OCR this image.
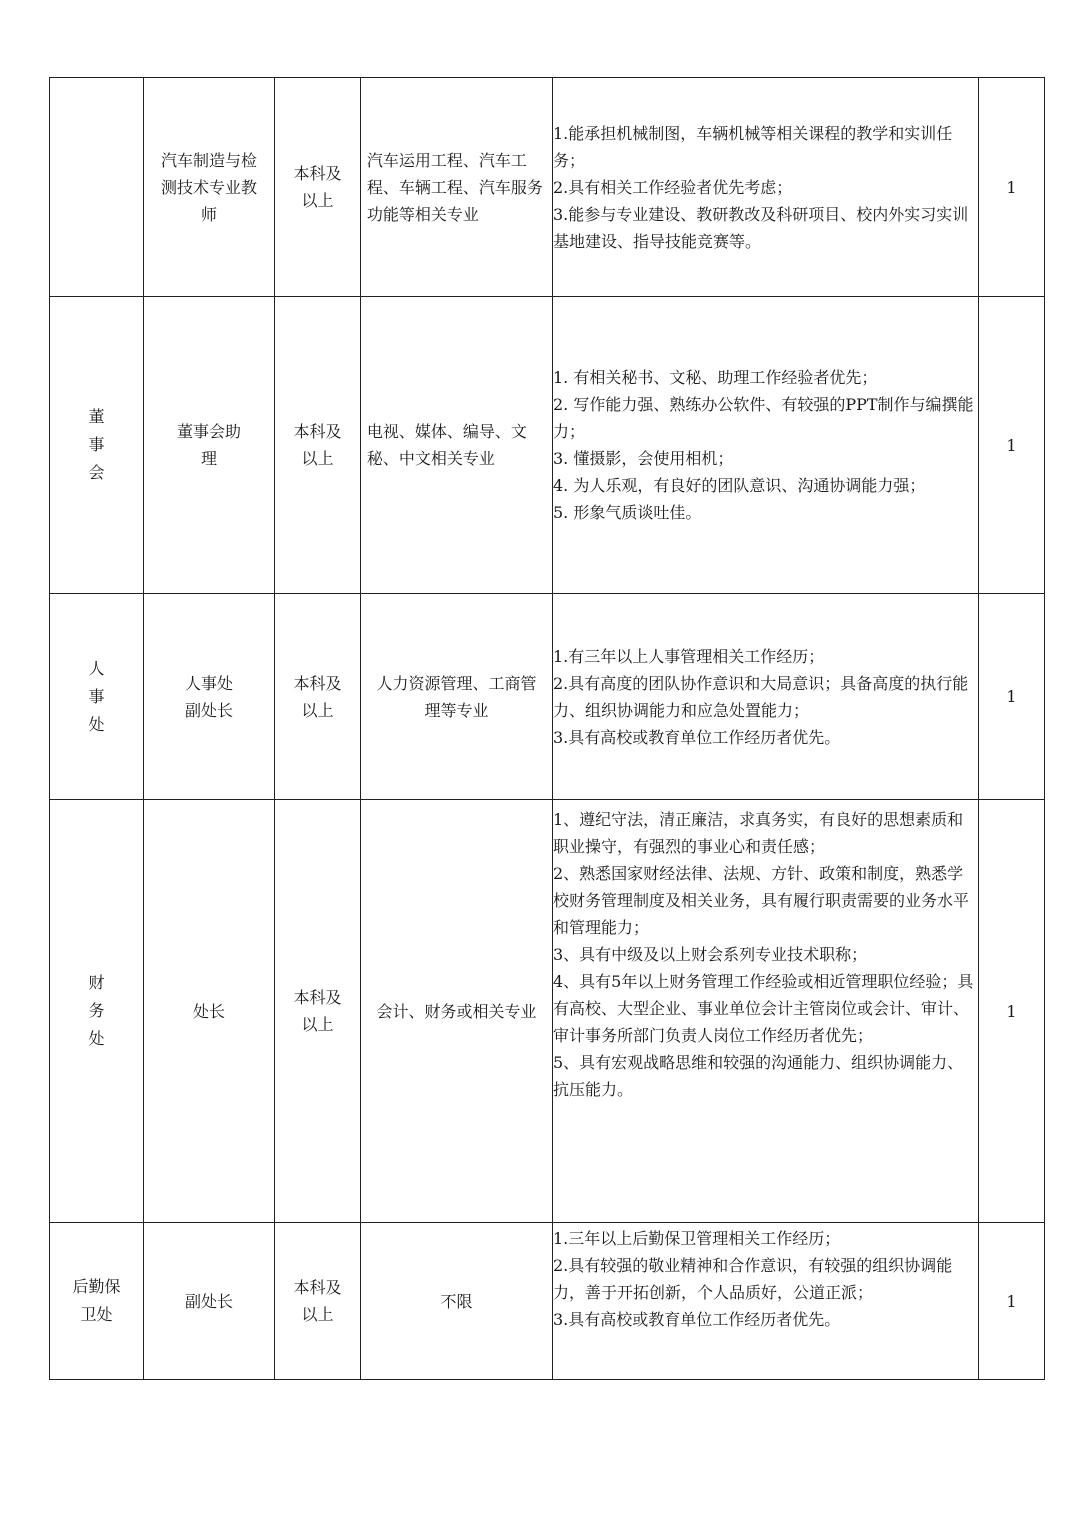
	汽车制造与检测技术专业教师	本科及以上	汽车运用工程、汽车工程、车辆工程、汽车服务功能等相关专业	1.能承担机械制图，车辆机械等相关课程的教学和实训任务；
2.具有相关工作经验者优先考虑；
3.能参与专业建设、教研教改及科研项目、校内外实习实训基地建设、指导技能竞赛等。	1
董事会	董事会助理	本科及以上	电视、媒体、编导、文秘、中文相关专业	1. 有相关秘书、文秘、助理工作经验者优先；
2. 写作能力强、熟练办公软件、有较强的PPT制作与编撰能力；
3. 懂摄影，会使用相机；
4. 为人乐观，有良好的团队意识、沟通协调能力强；
5. 形象气质谈吐佳。	1
人事处	人事处副处长	本科及以上	人力资源管理、工商管理等专业	1.有三年以上人事管理相关工作经历；
2.具有高度的团队协作意识和大局意识；具备高度的执行能力、组织协调能力和应急处置能力；
3.具有高校或教育单位工作经历者优先。	1
财务处	处长	本科及以上	会计、财务或相关专业	1、遵纪守法，清正廉洁，求真务实，有良好的思想素质和职业操守，有强烈的事业心和责任感；
2、熟悉国家财经法律、法规、方针、政策和制度，熟悉学校财务管理制度及相关业务，具有履行职责需要的业务水平和管理能力；
3、具有中级及以上财会系列专业技术职称；
4、具有5年以上财务管理工作经验或相近管理职位经验；具有高校、大型企业、事业单位会计主管岗位或会计、审计、审计事务所部门负责人岗位工作经历者优先；
5、具有宏观战略思维和较强的沟通能力、组织协调能力、抗压能力。	1
后勤保卫处	副处长	本科及以上	不限	1.三年以上后勤保卫管理相关工作经历；
2.具有较强的敬业精神和合作意识，有较强的组织协调能力，善于开拓创新，个人品质好，公道正派；
3.具有高校或教育单位工作经历者优先。	1
